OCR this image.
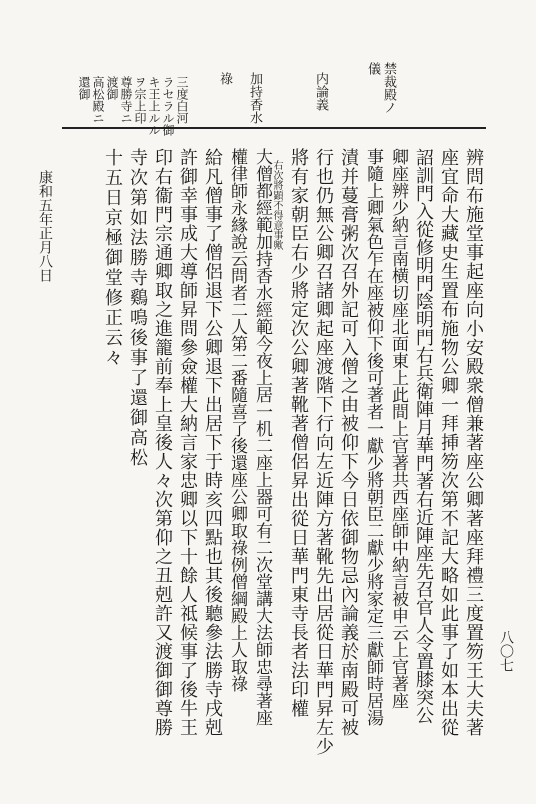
三度白河
ラセラル御
キ王上ルル
ヲ宗上印
尊勝寺ニ
渡御
高松殿ニ
還御	禁裁殿ノ
儀
内論義
加持香水
祿
八〇七
康和五年正月八日	辨問布施堂事起座向小安殿衆僧兼著座公卿著座拜禮三度置笏王大夫著
座宜命大藏史生置布施物公卿一拜挿笏次第不記大略如此事了如本出從
詔訓門入從修明門陰明門右兵衛陣月華門著右近陣座先召官人令置膝突公
卿座辨少納言南横切座北面東上此間上官著共西座師中納言被申云上官著座
事隨上卿氣色乍在座被仰下後可著者一獻少將朝臣二獻少將家定三獻師時居湯
漬并蔓膏粥次召外記可入僧之由被仰下今日依御物忌內論義於南殿可被
行也仍無公卿召諸卿起座渡階下行向左近陣方著靴先出居從日華門昇左少
將有家朝臣右少將定次公卿著靴著僧侶昇出從日華門東寺長者法印權
右次將顕不得意事歟
大僧都經範加持香水經範今夜上居一机二座上器可有二次堂講大法師忠尋著座
權律師永緣說云問者二人第二番隨喜了後還座公卿取祿例僧綱殿上人取祿
給凡僧事了僧侶退下公卿退下出居下于時亥四點也其後聽參法勝寺戌剋
許御幸事成大導師昇問參僉權大納言家忠卿以下十餘人祗候事了後牛王
印右衞門宗通卿取之進籠前奉上皇後人々次第仰之丑剋許又渡御御尊勝
寺次第如法勝寺鷄鳴後事了還御高松
十五日京極御堂修正云々
